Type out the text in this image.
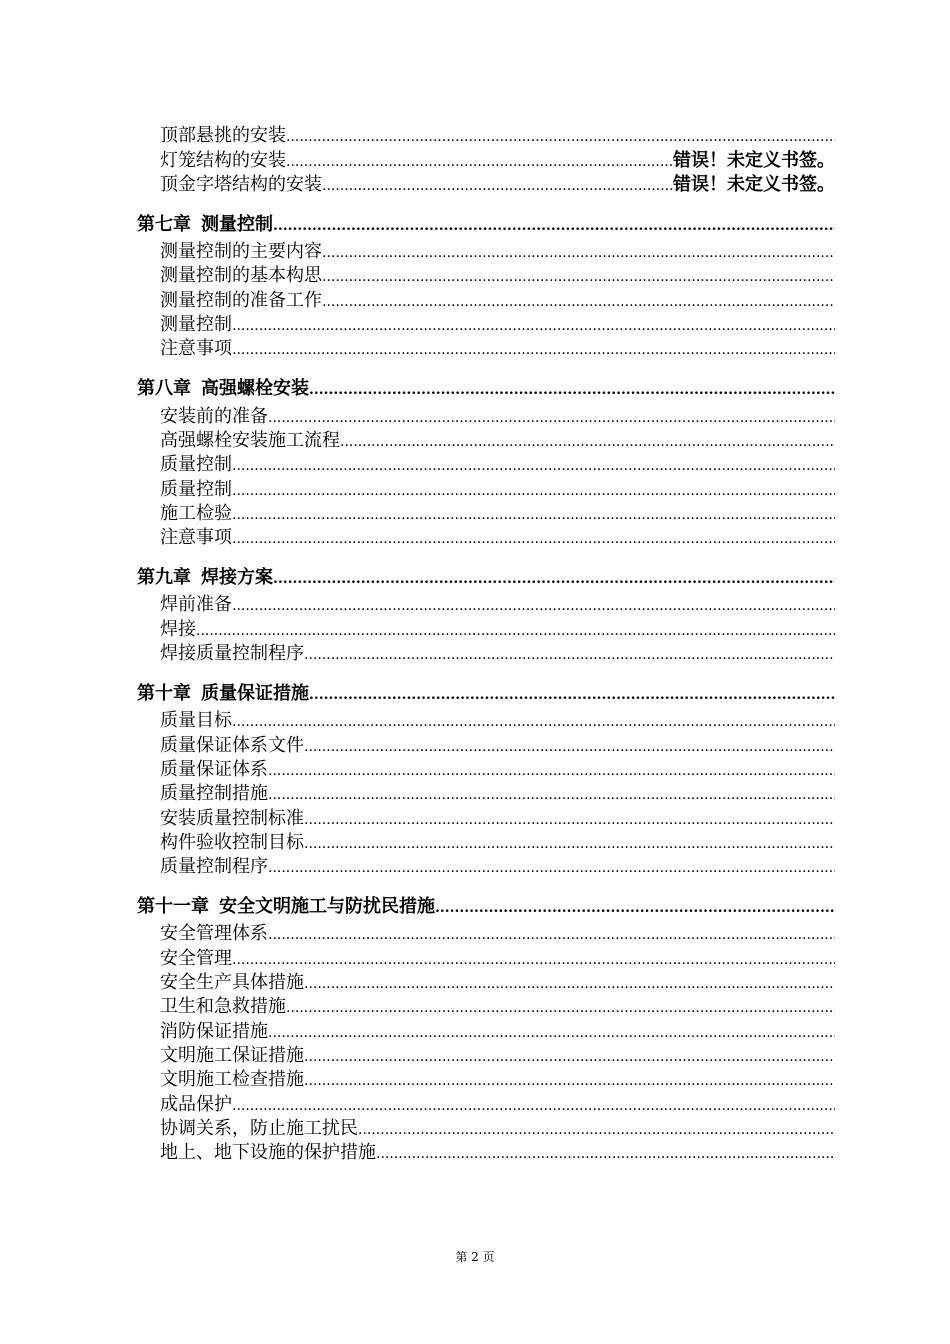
顶部悬挑的安装
.....
灯笼结构的安装 .....	错误！未定义书签。
顶金字塔结构的安装 .....	错误！未定义书签。
第七章 测量控制
.....
测量控制的主要内容
.....
测量控制的基本构思
.....
测量控制的准备工作
.....
测量控制
.....
注意事项
.....
第八章 高强螺栓安装
.....
安装前的准备
.....
高强螺栓安装施工流程
.....
质量控制
.....
质量控制
.....
施工检验
.....
注意事项
.....
第九章 焊接方案
.....
焊前准备
.....
焊接
.....
焊接质量控制程序
.....
第十章 质量保证措施
.....
质量目标
.....
质量保证体系文件
.....
质量保证体系
.....
质量控制措施
.....
安装质量控制标准
.....
构件验收控制目标
.....
质量控制程序
.....
第十一章 安全文明施工与防扰民措施
.....
安全管理体系
.....
安全管理
.....
安全生产具体措施
.....
卫生和急救措施
.....
消防保证措施
.....
文明施工保证措施
.....
文明施工检查措施
.....
成品保护
.....
协调关系，防止施工扰民
.....
地上、地下设施的保护措施
.....
第 2 页
